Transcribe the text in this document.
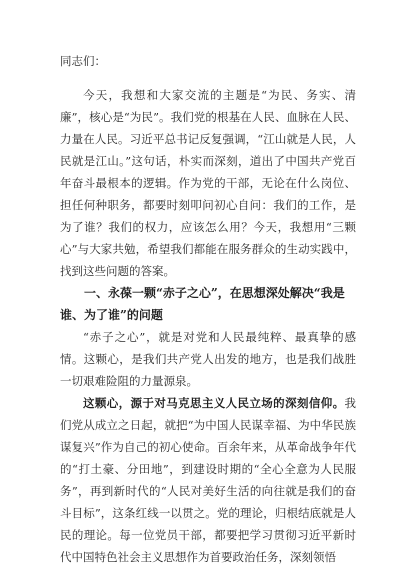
同志们：

今天，我想和大家交流的主题是“为民、务实、清廉”，核心是“为民”。我们党的根基在人民、血脉在人民、力量在人民。习近平总书记反复强调，“江山就是人民，人民就是江山。”这句话，朴实而深刻，道出了中国共产党百年奋斗最根本的逻辑。作为党的干部，无论在什么岗位、担任何种职务，都要时刻叩问初心自问：我们的工作，是为了谁？我们的权力，应该怎么用？今天，我想用“三颗心”与大家共勉，希望我们都能在服务群众的生动实践中，找到这些问题的答案。

一、永葆一颗“赤子之心”，在思想深处解决“我是谁、为了谁”的问题

“赤子之心”，就是对党和人民最纯粹、最真挚的感情。这颗心，是我们共产党人出发的地方，也是我们战胜一切艰难险阻的力量源泉。

这颗心，源于对马克思主义人民立场的深刻信仰。我们党从成立之日起，就把“为中国人民谋幸福、为中华民族谋复兴”作为自己的初心使命。百余年来，从革命战争年代的“打土豪、分田地”，到建设时期的“全心全意为人民服务”，再到新时代的“人民对美好生活的向往就是我们的奋斗目标”，这条红线一以贯之。党的理论，归根结底就是人民的理论。每一位党员干部，都要把学习贯彻习近平新时代中国特色社会主义思想作为首要政治任务，深刻领悟
